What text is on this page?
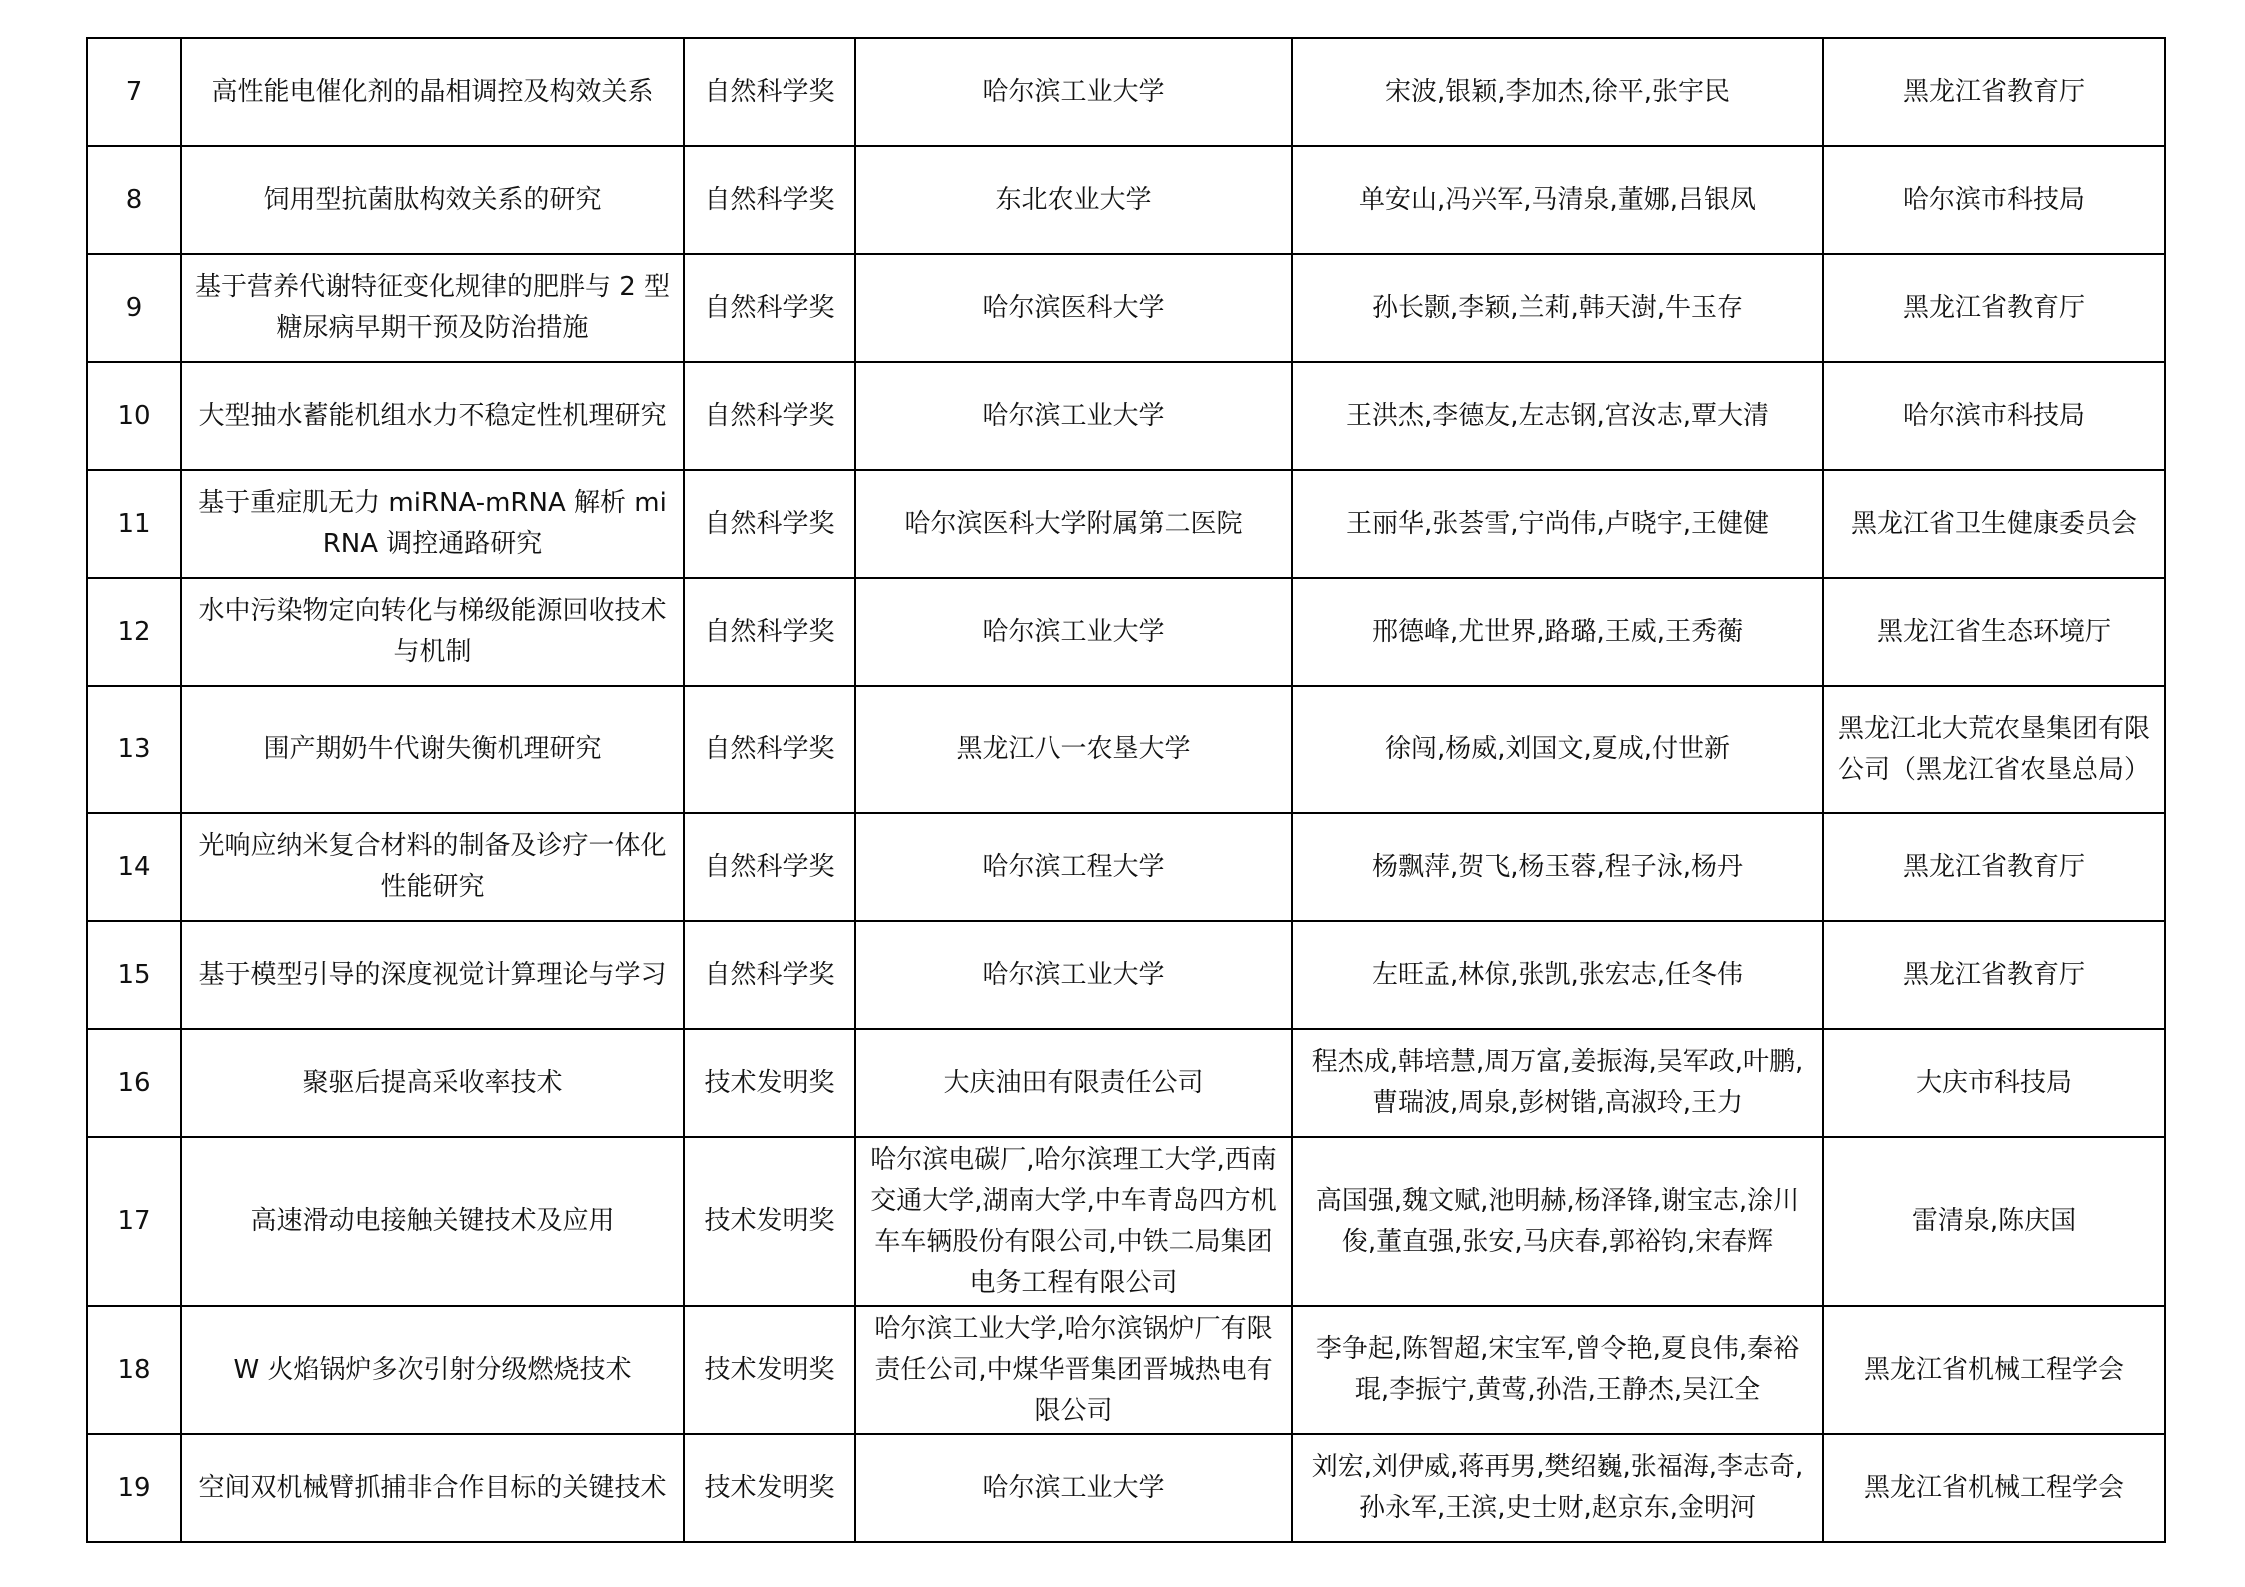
7	高性能电催化剂的晶相调控及构效关系	自然科学奖	哈尔滨工业大学	宋波,银颖,李加杰,徐平,张宇民	黑龙江省教育厅
8	饲用型抗菌肽构效关系的研究	自然科学奖	东北农业大学	单安山,冯兴军,马清泉,董娜,吕银凤	哈尔滨市科技局
9	基于营养代谢特征变化规律的肥胖与 2 型糖尿病早期干预及防治措施	自然科学奖	哈尔滨医科大学	孙长颢,李颖,兰莉,韩天澍,牛玉存	黑龙江省教育厅
10	大型抽水蓄能机组水力不稳定性机理研究	自然科学奖	哈尔滨工业大学	王洪杰,李德友,左志钢,宫汝志,覃大清	哈尔滨市科技局
11	基于重症肌无力 miRNA-mRNA 解析 miRNA 调控通路研究	自然科学奖	哈尔滨医科大学附属第二医院	王丽华,张荟雪,宁尚伟,卢晓宇,王健健	黑龙江省卫生健康委员会
12	水中污染物定向转化与梯级能源回收技术与机制	自然科学奖	哈尔滨工业大学	邢德峰,尤世界,路璐,王威,王秀蘅	黑龙江省生态环境厅
13	围产期奶牛代谢失衡机理研究	自然科学奖	黑龙江八一农垦大学	徐闯,杨威,刘国文,夏成,付世新	黑龙江北大荒农垦集团有限公司（黑龙江省农垦总局）
14	光响应纳米复合材料的制备及诊疗一体化性能研究	自然科学奖	哈尔滨工程大学	杨飘萍,贺飞,杨玉蓉,程子泳,杨丹	黑龙江省教育厅
15	基于模型引导的深度视觉计算理论与学习	自然科学奖	哈尔滨工业大学	左旺孟,林倞,张凯,张宏志,任冬伟	黑龙江省教育厅
16	聚驱后提高采收率技术	技术发明奖	大庆油田有限责任公司	程杰成,韩培慧,周万富,姜振海,吴军政,叶鹏,曹瑞波,周泉,彭树锴,高淑玲,王力	大庆市科技局
17	高速滑动电接触关键技术及应用	技术发明奖	哈尔滨电碳厂,哈尔滨理工大学,西南交通大学,湖南大学,中车青岛四方机车车辆股份有限公司,中铁二局集团电务工程有限公司	高国强,魏文赋,池明赫,杨泽锋,谢宝志,涂川俊,董直强,张安,马庆春,郭裕钧,宋春辉	雷清泉,陈庆国
18	W 火焰锅炉多次引射分级燃烧技术	技术发明奖	哈尔滨工业大学,哈尔滨锅炉厂有限责任公司,中煤华晋集团晋城热电有限公司	李争起,陈智超,宋宝军,曾令艳,夏良伟,秦裕琨,李振宁,黄莺,孙浩,王静杰,吴江全	黑龙江省机械工程学会
19	空间双机械臂抓捕非合作目标的关键技术	技术发明奖	哈尔滨工业大学	刘宏,刘伊威,蒋再男,樊绍巍,张福海,李志奇,孙永军,王滨,史士财,赵京东,金明河	黑龙江省机械工程学会
